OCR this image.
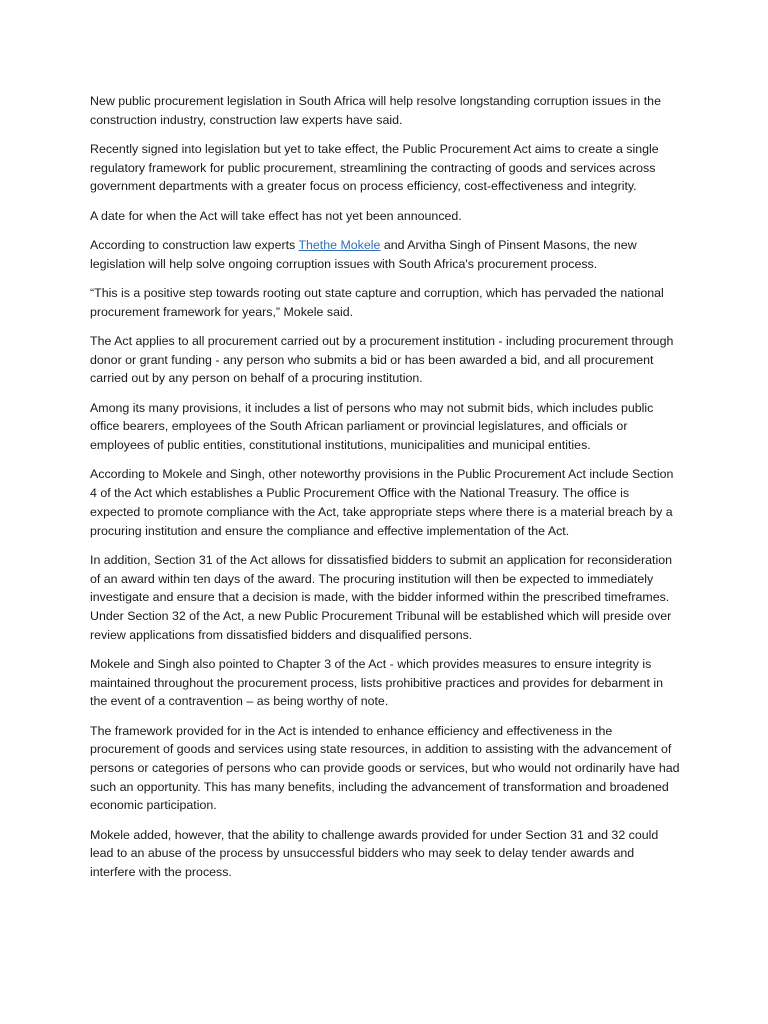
New public procurement legislation in South Africa will help resolve longstanding corruption issues in the construction industry, construction law experts have said.

Recently signed into legislation but yet to take effect, the Public Procurement Act aims to create a single regulatory framework for public procurement, streamlining the contracting of goods and services across government departments with a greater focus on process efficiency, cost-effectiveness and integrity.

A date for when the Act will take effect has not yet been announced.

According to construction law experts Thethe Mokele and Arvitha Singh of Pinsent Masons, the new legislation will help solve ongoing corruption issues with South Africa's procurement process.

“This is a positive step towards rooting out state capture and corruption, which has pervaded the national procurement framework for years,” Mokele said.

The Act applies to all procurement carried out by a procurement institution - including procurement through donor or grant funding - any person who submits a bid or has been awarded a bid, and all procurement carried out by any person on behalf of a procuring institution.

Among its many provisions, it includes a list of persons who may not submit bids, which includes public office bearers, employees of the South African parliament or provincial legislatures, and officials or employees of public entities, constitutional institutions, municipalities and municipal entities.

According to Mokele and Singh, other noteworthy provisions in the Public Procurement Act include Section 4 of the Act which establishes a Public Procurement Office with the National Treasury. The office is expected to promote compliance with the Act, take appropriate steps where there is a material breach by a procuring institution and ensure the compliance and effective implementation of the Act.

In addition, Section 31 of the Act allows for dissatisfied bidders to submit an application for reconsideration of an award within ten days of the award. The procuring institution will then be expected to immediately investigate and ensure that a decision is made, with the bidder informed within the prescribed timeframes. Under Section 32 of the Act, a new Public Procurement Tribunal will be established which will preside over review applications from dissatisfied bidders and disqualified persons.

Mokele and Singh also pointed to Chapter 3 of the Act - which provides measures to ensure integrity is maintained throughout the procurement process, lists prohibitive practices and provides for debarment in the event of a contravention – as being worthy of note.

The framework provided for in the Act is intended to enhance efficiency and effectiveness in the procurement of goods and services using state resources, in addition to assisting with the advancement of persons or categories of persons who can provide goods or services, but who would not ordinarily have had such an opportunity. This has many benefits, including the advancement of transformation and broadened economic participation.

Mokele added, however, that the ability to challenge awards provided for under Section 31 and 32 could lead to an abuse of the process by unsuccessful bidders who may seek to delay tender awards and interfere with the process.
